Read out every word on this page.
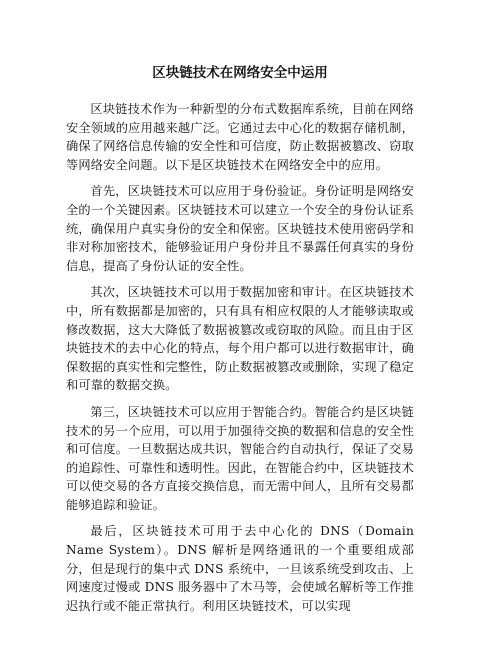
区块链技术在网络安全中运用

区块链技术作为一种新型的分布式数据库系统，目前在网络安全领域的应用越来越广泛。它通过去中心化的数据存储机制，确保了网络信息传输的安全性和可信度，防止数据被篡改、窃取等网络安全问题。以下是区块链技术在网络安全中的应用。

首先，区块链技术可以应用于身份验证。身份证明是网络安全的一个关键因素。区块链技术可以建立一个安全的身份认证系统，确保用户真实身份的安全和保密。区块链技术使用密码学和非对称加密技术，能够验证用户身份并且不暴露任何真实的身份信息，提高了身份认证的安全性。

其次，区块链技术可以用于数据加密和审计。在区块链技术中，所有数据都是加密的，只有具有相应权限的人才能够读取或修改数据，这大大降低了数据被篡改或窃取的风险。而且由于区块链技术的去中心化的特点，每个用户都可以进行数据审计，确保数据的真实性和完整性，防止数据被篡改或删除，实现了稳定和可靠的数据交换。

第三，区块链技术可以应用于智能合约。智能合约是区块链技术的另一个应用，可以用于加强待交换的数据和信息的安全性和可信度。一旦数据达成共识，智能合约自动执行，保证了交易的追踪性、可靠性和透明性。因此，在智能合约中，区块链技术可以使交易的各方直接交换信息，而无需中间人，且所有交易都能够追踪和验证。

最后，区块链技术可用于去中心化的 DNS（Domain Name System）。DNS 解析是网络通讯的一个重要组成部分，但是现行的集中式 DNS 系统中，一旦该系统受到攻击、上网速度过慢或 DNS 服务器中了木马等，会使域名解析等工作推迟执行或不能正常执行。利用区块链技术，可以实现
